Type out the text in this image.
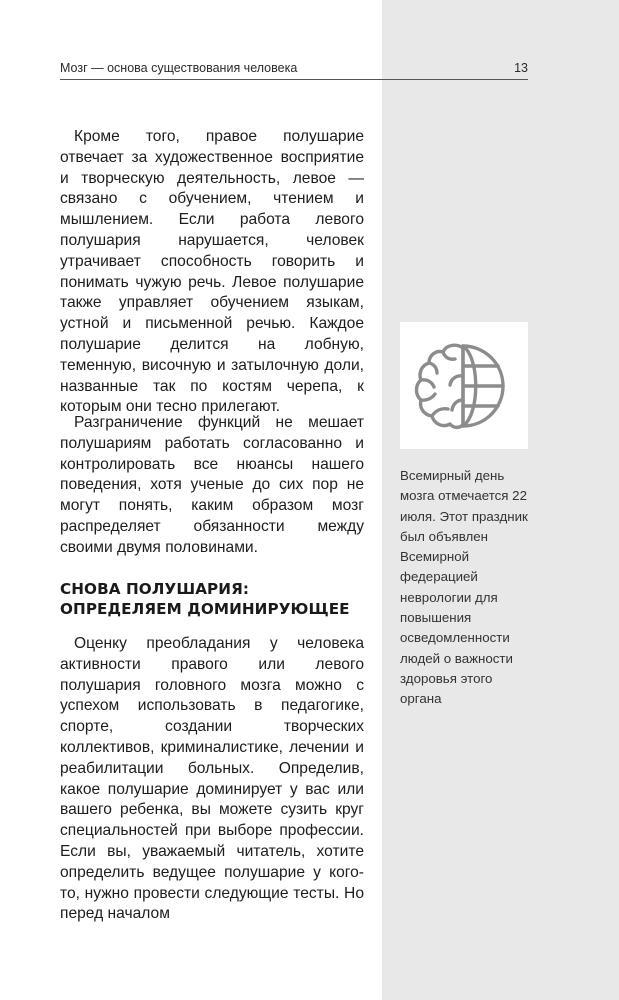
Мозг — основа существования человека	13

Кроме того, правое полушарие отвечает за художественное восприятие и творческую деятельность, левое — связано с обучением, чтением и мышлением. Если работа левого полушария нарушается, человек утрачивает способность говорить и понимать чужую речь. Левое полушарие также управляет обучением языкам, устной и письменной речью. Каждое полушарие делится на лобную, теменную, височную и затылочную доли, названные так по костям черепа, к которым они тесно прилегают.

Разграничение функций не мешает полушариям работать согласованно и контролировать все нюансы нашего поведения, хотя ученые до сих пор не могут понять, каким образом мозг распределяет обязанности между своими двумя половинами.

СНОВА ПОЛУШАРИЯ: ОПРЕДЕЛЯЕМ ДОМИНИРУЮЩЕЕ

Оценку преобладания у человека активности правого или левого полушария головного мозга можно с успехом использовать в педагогике, спорте, создании творческих коллективов, криминалистике, лечении и реабилитации больных. Определив, какое полушарие доминирует у вас или вашего ребенка, вы можете сузить круг специальностей при выборе профессии. Если вы, уважаемый читатель, хотите определить ведущее полушарие у кого-то, нужно провести следующие тесты. Но перед началом

Всемирный день мозга отмечается 22 июля. Этот праздник был объявлен Всемирной федерацией неврологии для повышения осведомленности людей о важности здоровья этого органа
